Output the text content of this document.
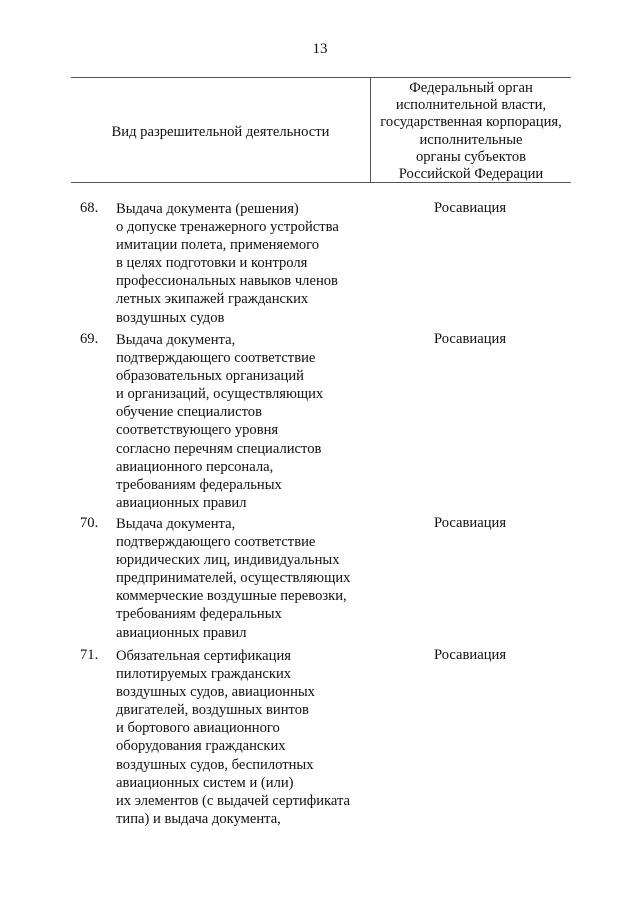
13
Вид разрешительной деятельности
Федеральный орган
исполнительной власти,
государственная корпорация,
исполнительные
органы субъектов
Российской Федерации
68. Выдача документа (решения)
о допуске тренажерного устройства
имитации полета, применяемого
в целях подготовки и контроля
профессиональных навыков членов
летных экипажей гражданских
воздушных судов
Росавиация
69. Выдача документа,
подтверждающего соответствие
образовательных организаций
и организаций, осуществляющих
обучение специалистов
соответствующего уровня
согласно перечням специалистов
авиационного персонала,
требованиям федеральных
авиационных правил
Росавиация
70. Выдача документа,
подтверждающего соответствие
юридических лиц, индивидуальных
предпринимателей, осуществляющих
коммерческие воздушные перевозки,
требованиям федеральных
авиационных правил
Росавиация
71. Обязательная сертификация
пилотируемых гражданских
воздушных судов, авиационных
двигателей, воздушных винтов
и бортового авиационного
оборудования гражданских
воздушных судов, беспилотных
авиационных систем и (или)
их элементов (с выдачей сертификата
типа) и выдача документа,
Росавиация
